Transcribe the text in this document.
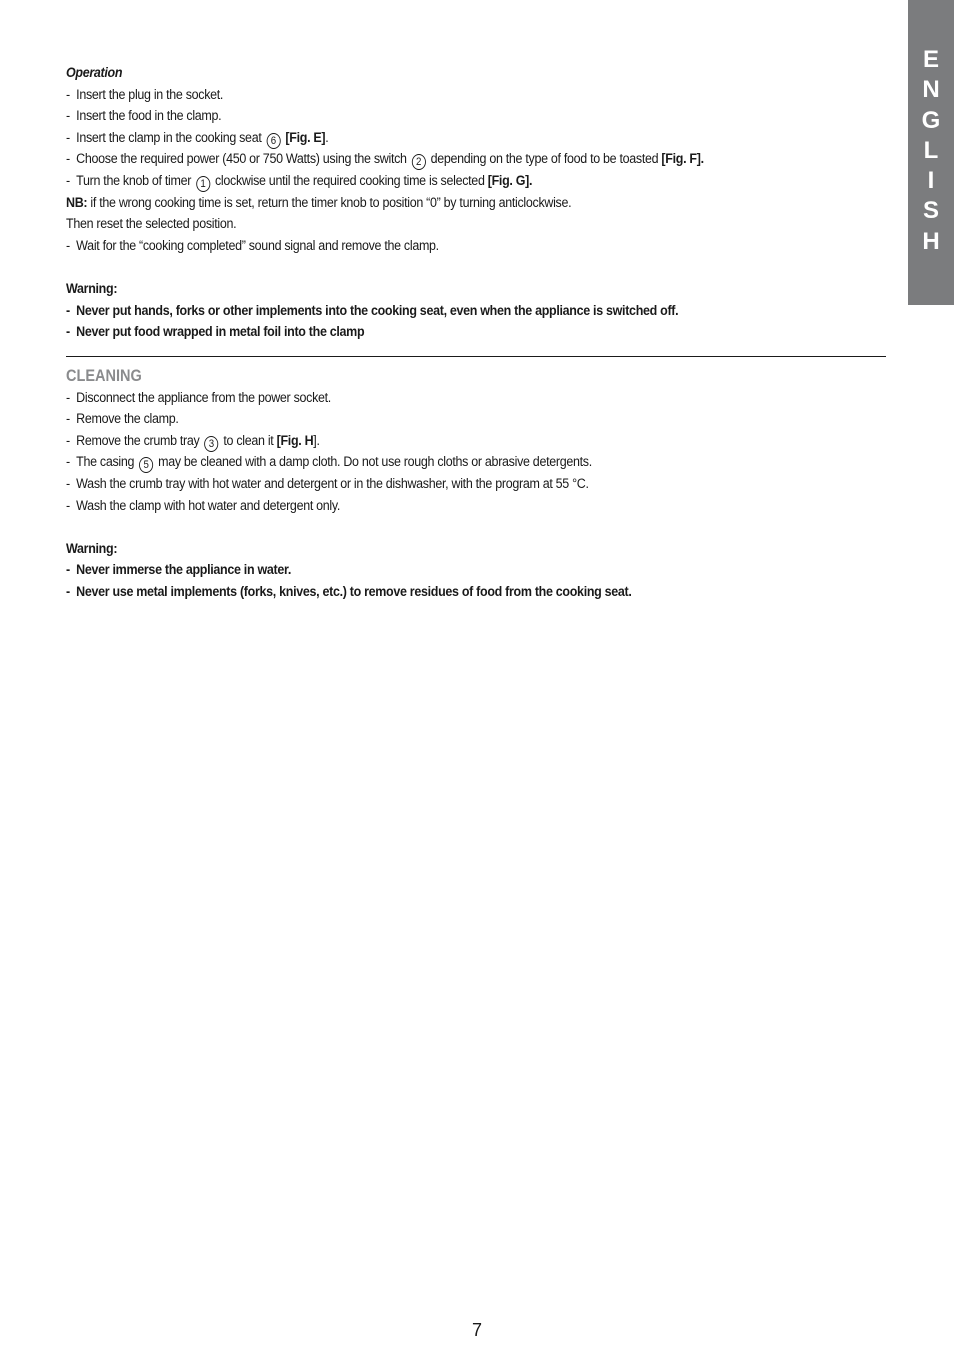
E
N
G
L
I
S
H
Operation
- Insert the plug in the socket.
- Insert the food in the clamp.
- Insert the clamp in the cooking seat 6 [Fig. E].
- Choose the required power (450 or 750 Watts) using the switch 2 depending on the type of food to be toasted [Fig. F].
- Turn the knob of timer 1 clockwise until the required cooking time is selected [Fig. G].
NB: if the wrong cooking time is set, return the timer knob to position “0” by turning anticlockwise.
Then reset the selected position.
- Wait for the “cooking completed” sound signal and remove the clamp.
Warning:
- Never put hands, forks or other implements into the cooking seat, even when the appliance is switched off.
- Never put food wrapped in metal foil into the clamp
CLEANING
- Disconnect the appliance from the power socket.
- Remove the clamp.
- Remove the crumb tray 3 to clean it [Fig. H].
- The casing 5 may be cleaned with a damp cloth. Do not use rough cloths or abrasive detergents.
- Wash the crumb tray with hot water and detergent or in the dishwasher, with the program at 55 °C.
- Wash the clamp with hot water and detergent only.
Warning:
- Never immerse the appliance in water.
- Never use metal implements (forks, knives, etc.) to remove residues of food from the cooking seat.
7
